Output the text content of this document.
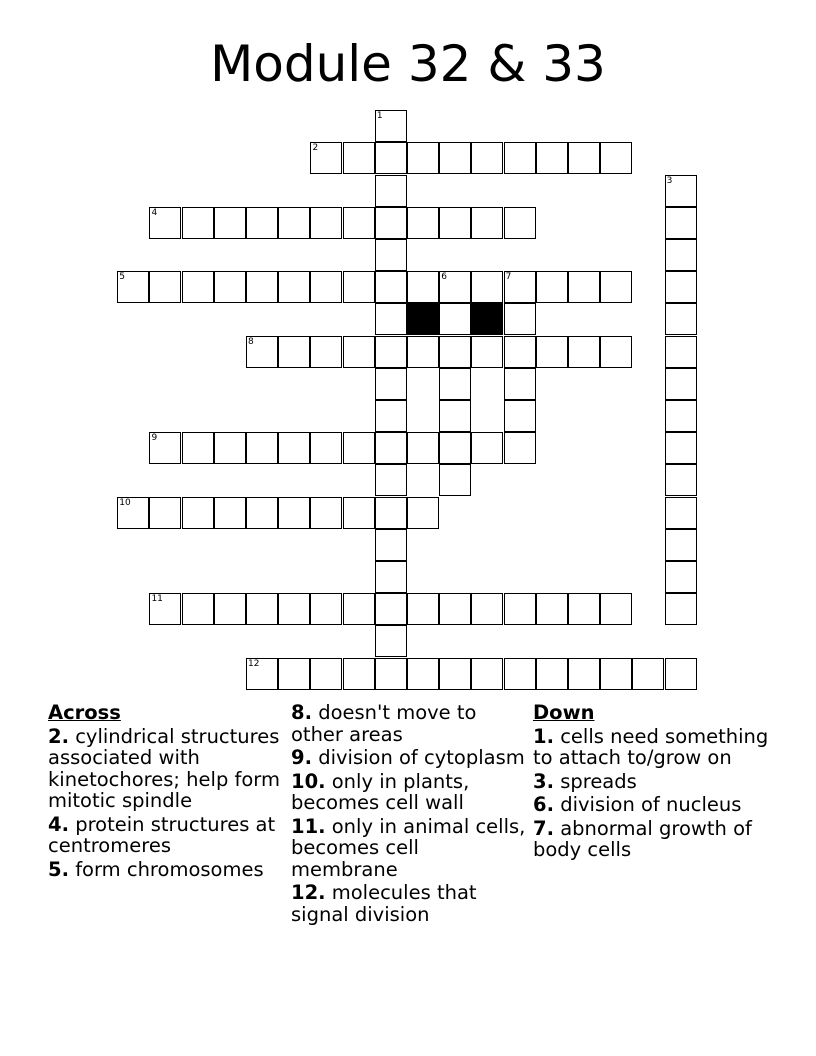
Module 32 & 33
2
4
5	6	7
8
9
10
11
12
1
3
Across
2. cylindrical structures associated with kinetochores; help form mitotic spindle
4. protein structures at centromeres
5. form chromosomes
8. doesn't move to other areas
9. division of cytoplasm
10. only in plants, becomes cell wall
11. only in animal cells, becomes cell membrane
12. molecules that signal division
Down
1. cells need something to attach to/grow on
3. spreads
6. division of nucleus
7. abnormal growth of body cells
